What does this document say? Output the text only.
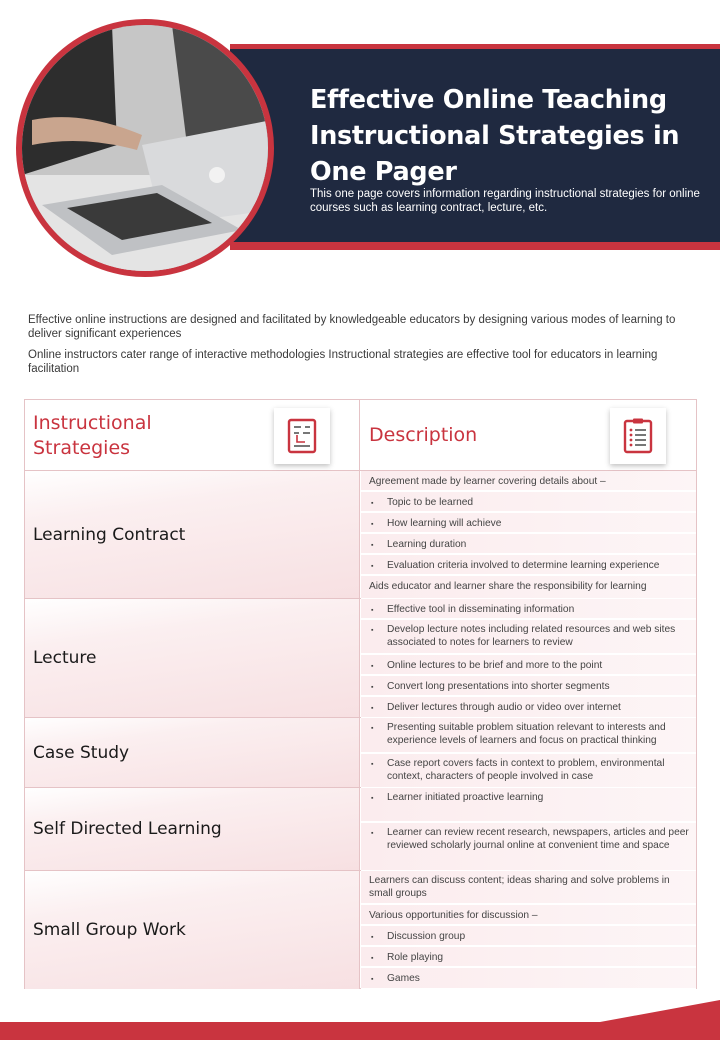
Effective Online Teaching Instructional Strategies in One Pager

This one page covers information regarding instructional strategies for online courses such as learning contract, lecture, etc.

Effective online instructions are designed and facilitated by knowledgeable educators by designing various modes of learning to deliver significant experiences

Online instructors cater range of interactive methodologies Instructional strategies are effective tool for educators in learning facilitation

Instructional Strategies
Description
Learning Contract
Agreement made by learner covering details about –
▪ Topic to be learned
▪ How learning will achieve
▪ Learning duration
▪ Evaluation criteria involved to determine learning experience
Aids educator and learner share the responsibility for learning
Lecture
▪ Effective tool in disseminating information
▪ Develop lecture notes including related resources and web sites associated to notes for learners to review
▪ Online lectures to be brief and more to the point
▪ Convert long presentations into shorter segments
▪ Deliver lectures through audio or video over internet
Case Study
▪ Presenting suitable problem situation relevant to interests and experience levels of learners and focus on practical thinking
▪ Case report covers facts in context to problem, environmental context, characters of people involved in case
Self Directed Learning
▪ Learner initiated proactive learning
▪ Learner can review recent research, newspapers, articles and peer reviewed scholarly journal online at convenient time and space
Small Group Work
Learners can discuss content; ideas sharing and solve problems in small groups
Various opportunities for discussion –
▪ Discussion group
▪ Role playing
▪ Games
